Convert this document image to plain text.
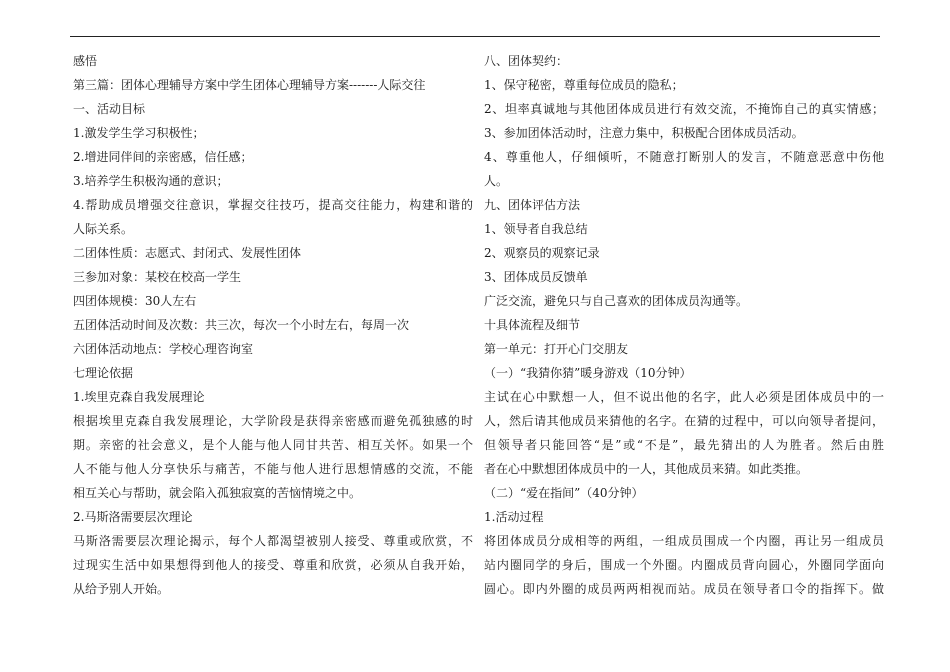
感悟
第三篇：团体心理辅导方案中学生团体心理辅导方案-------人际交往
一、活动目标
1.激发学生学习积极性；
2.增进同伴间的亲密感，信任感；
3.培养学生积极沟通的意识；
4.帮助成员增强交往意识，掌握交往技巧，提高交往能力，构建和谐的
人际关系。
二团体性质：志愿式、封闭式、发展性团体
三参加对象：某校在校高一学生
四团体规模：30人左右
五团体活动时间及次数：共三次，每次一个小时左右，每周一次
六团体活动地点：学校心理咨询室
七理论依据
1.埃里克森自我发展理论
根据埃里克森自我发展理论，大学阶段是获得亲密感而避免孤独感的时
期。亲密的社会意义，是个人能与他人同甘共苦、相互关怀。如果一个
人不能与他人分享快乐与痛苦，不能与他人进行思想情感的交流，不能
相互关心与帮助，就会陷入孤独寂寞的苦恼情境之中。
2.马斯洛需要层次理论
马斯洛需要层次理论揭示，每个人都渴望被别人接受、尊重或欣赏，不
过现实生活中如果想得到他人的接受、尊重和欣赏，必须从自我开始，
从给予别人开始。
八、团体契约：
1、保守秘密，尊重每位成员的隐私；
2、坦率真诚地与其他团体成员进行有效交流，不掩饰自己的真实情感；
3、参加团体活动时，注意力集中，积极配合团体成员活动。
4、尊重他人，仔细倾听，不随意打断别人的发言，不随意恶意中伤他
人。
九、团体评估方法
1、领导者自我总结
2、观察员的观察记录
3、团体成员反馈单
广泛交流，避免只与自己喜欢的团体成员沟通等。
十具体流程及细节
第一单元：打开心门交朋友
（一）“我猜你猜”暖身游戏（10分钟）
主试在心中默想一人，但不说出他的名字，此人必须是团体成员中的一
人，然后请其他成员来猜他的名字。在猜的过程中，可以向领导者提问，
但领导者只能回答“是”或“不是”，最先猜出的人为胜者。然后由胜
者在心中默想团体成员中的一人，其他成员来猜。如此类推。
（二）“爱在指间”（40分钟）
1.活动过程
将团体成员分成相等的两组，一组成员围成一个内圈，再让另一组成员
站内圈同学的身后，围成一个外圈。内圈成员背向圆心，外圈同学面向
圆心。即内外圈的成员两两相视而站。成员在领导者口令的指挥下。做
